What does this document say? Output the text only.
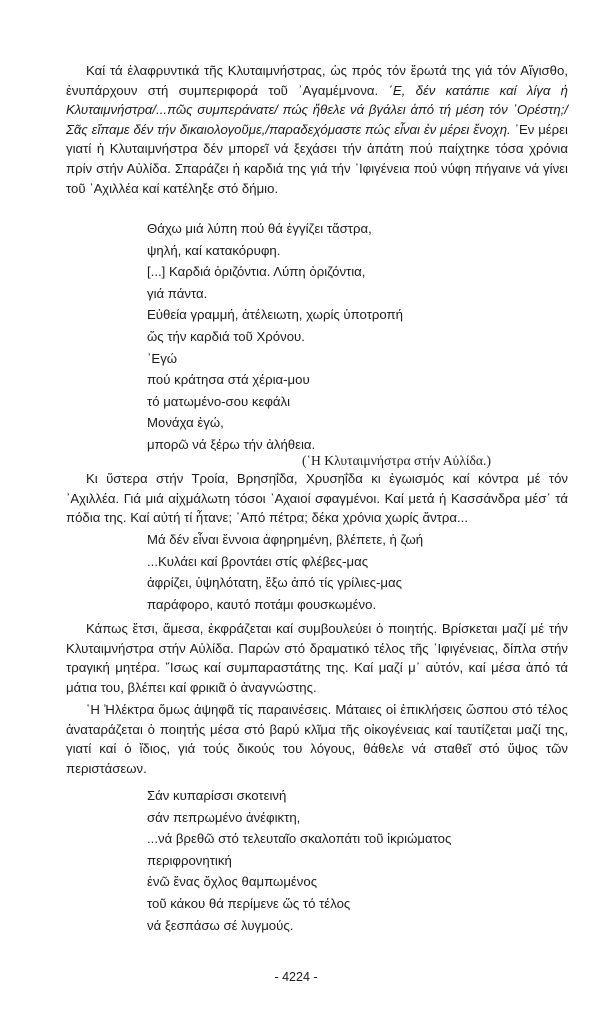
Καί τά ἐλαφρυντικά τῆς Κλυταιμνήστρας, ὡς πρός τόν ἔρωτά της γιά τόν Αἴγισθο, ἐνυπάρχουν στή συμπεριφορά τοῦ ᾿Αγαμέμνονα. ΄Ε, δέν κατάπιε καί λίγα ἡ Κλυταιμνήστρα/...πῶς συμπεράνατε/ πώς ἤθελε νά βγάλει ἀπό τή μέση τόν ᾿Ορέστη;/Σᾶς εἴπαμε δέν τήν δικαιολογοῦμε,/παραδεχόμαστε πώς εἶναι ἐν μέρει ἔνοχη. ᾿Εν μέρει γιατί ἡ Κλυταιμνήστρα δέν μπορεῖ νά ξεχάσει τήν ἀπάτη πού παίχτηκε τόσα χρόνια πρίν στήν Αὐλίδα. Σπαράζει ἡ καρδιά της γιά τήν ᾿Ιφιγένεια πού νύφη πήγαινε νά γίνει τοῦ ᾿Αχιλλέα καί κατέληξε στό δήμιο.

Θάχω μιά λύπη πού θά ἐγγίζει τἄστρα,
ψηλή, καί κατακόρυφη.
[...] Καρδιά ὀριζόντια. Λύπη ὀριζόντια,
γιά πάντα.
Εὐθεία γραμμή, ἀτέλειωτη, χωρίς ὑποτροπή
ὥς τήν καρδιά τοῦ Χρόνου.
᾿Εγώ
πού κράτησα στά χέρια-μου
τό ματωμένο-σου κεφάλι
Μονάχα ἐγώ,
μπορῶ νά ξέρω τήν ἀλήθεια.
(῾Η Κλυταιμνήστρα στήν Αὐλίδα.)

Κι ὕστερα στήν Τροία, Βρησηΐδα, Χρυσηΐδα κι ἐγωισμός καί κόντρα μέ τόν ᾿Αχιλλέα. Γιά μιά αἰχμάλωτη τόσοι ᾿Αχαιοί σφαγμένοι. Καί μετά ἡ Κασσάνδρα μέσ᾿ τά πόδια της. Καί αὐτή τί ἦτανε; ᾿Από πέτρα; δέκα χρόνια χωρίς ἄντρα...

Μά δέν εἶναι ἔννοια ἀφηρημένη, βλέπετε, ἡ ζωή
...Κυλάει καί βροντάει στίς φλέβες-μας
ἀφρίζει, ὑψηλότατη, ἔξω ἀπό τίς γρίλιες-μας
παράφορο, καυτό ποτάμι φουσκωμένο.

Κάπως ἔτσι, ἄμεσα, ἐκφράζεται καί συμβουλεύει ὁ ποιητής. Βρίσκεται μαζί μέ τήν Κλυταιμνήστρα στήν Αὐλίδα. Παρών στό δραματικό τέλος τῆς ᾿Ιφιγένειας, δίπλα στήν τραγική μητέρα. ῎Ισως καί συμπαραστάτης της. Καί μαζί μ᾿ αὐτόν, καί μέσα ἀπό τά μάτια του, βλέπει καί φρικιᾶ ὁ ἀναγνώστης.

῾Η Ἠλέκτρα ὅμως ἀψηφᾶ τίς παραινέσεις. Μάταιες οἱ ἐπικλήσεις ὥσπου στό τέλος ἀναταράζεται ὁ ποιητής μέσα στό βαρύ κλῖμα τῆς οἰκογένειας καί ταυτίζεται μαζί της, γιατί καί ὁ ἴδιος, γιά τούς δικούς του λόγους, θάθελε νά σταθεῖ στό ὕψος τῶν περιστάσεων.

Σάν κυπαρίσσι σκοτεινή
σάν πεπρωμένο ἀνέφικτη,
...νά βρεθῶ στό τελευταῖο σκαλοπάτι τοῦ ἰκριώματος
περιφρονητική
ἐνῶ ἕνας ὄχλος θαμπωμένος
τοῦ κάκου θά περίμενε ὥς τό τέλος
νά ξεσπάσω σέ λυγμούς.
- 4224 -
